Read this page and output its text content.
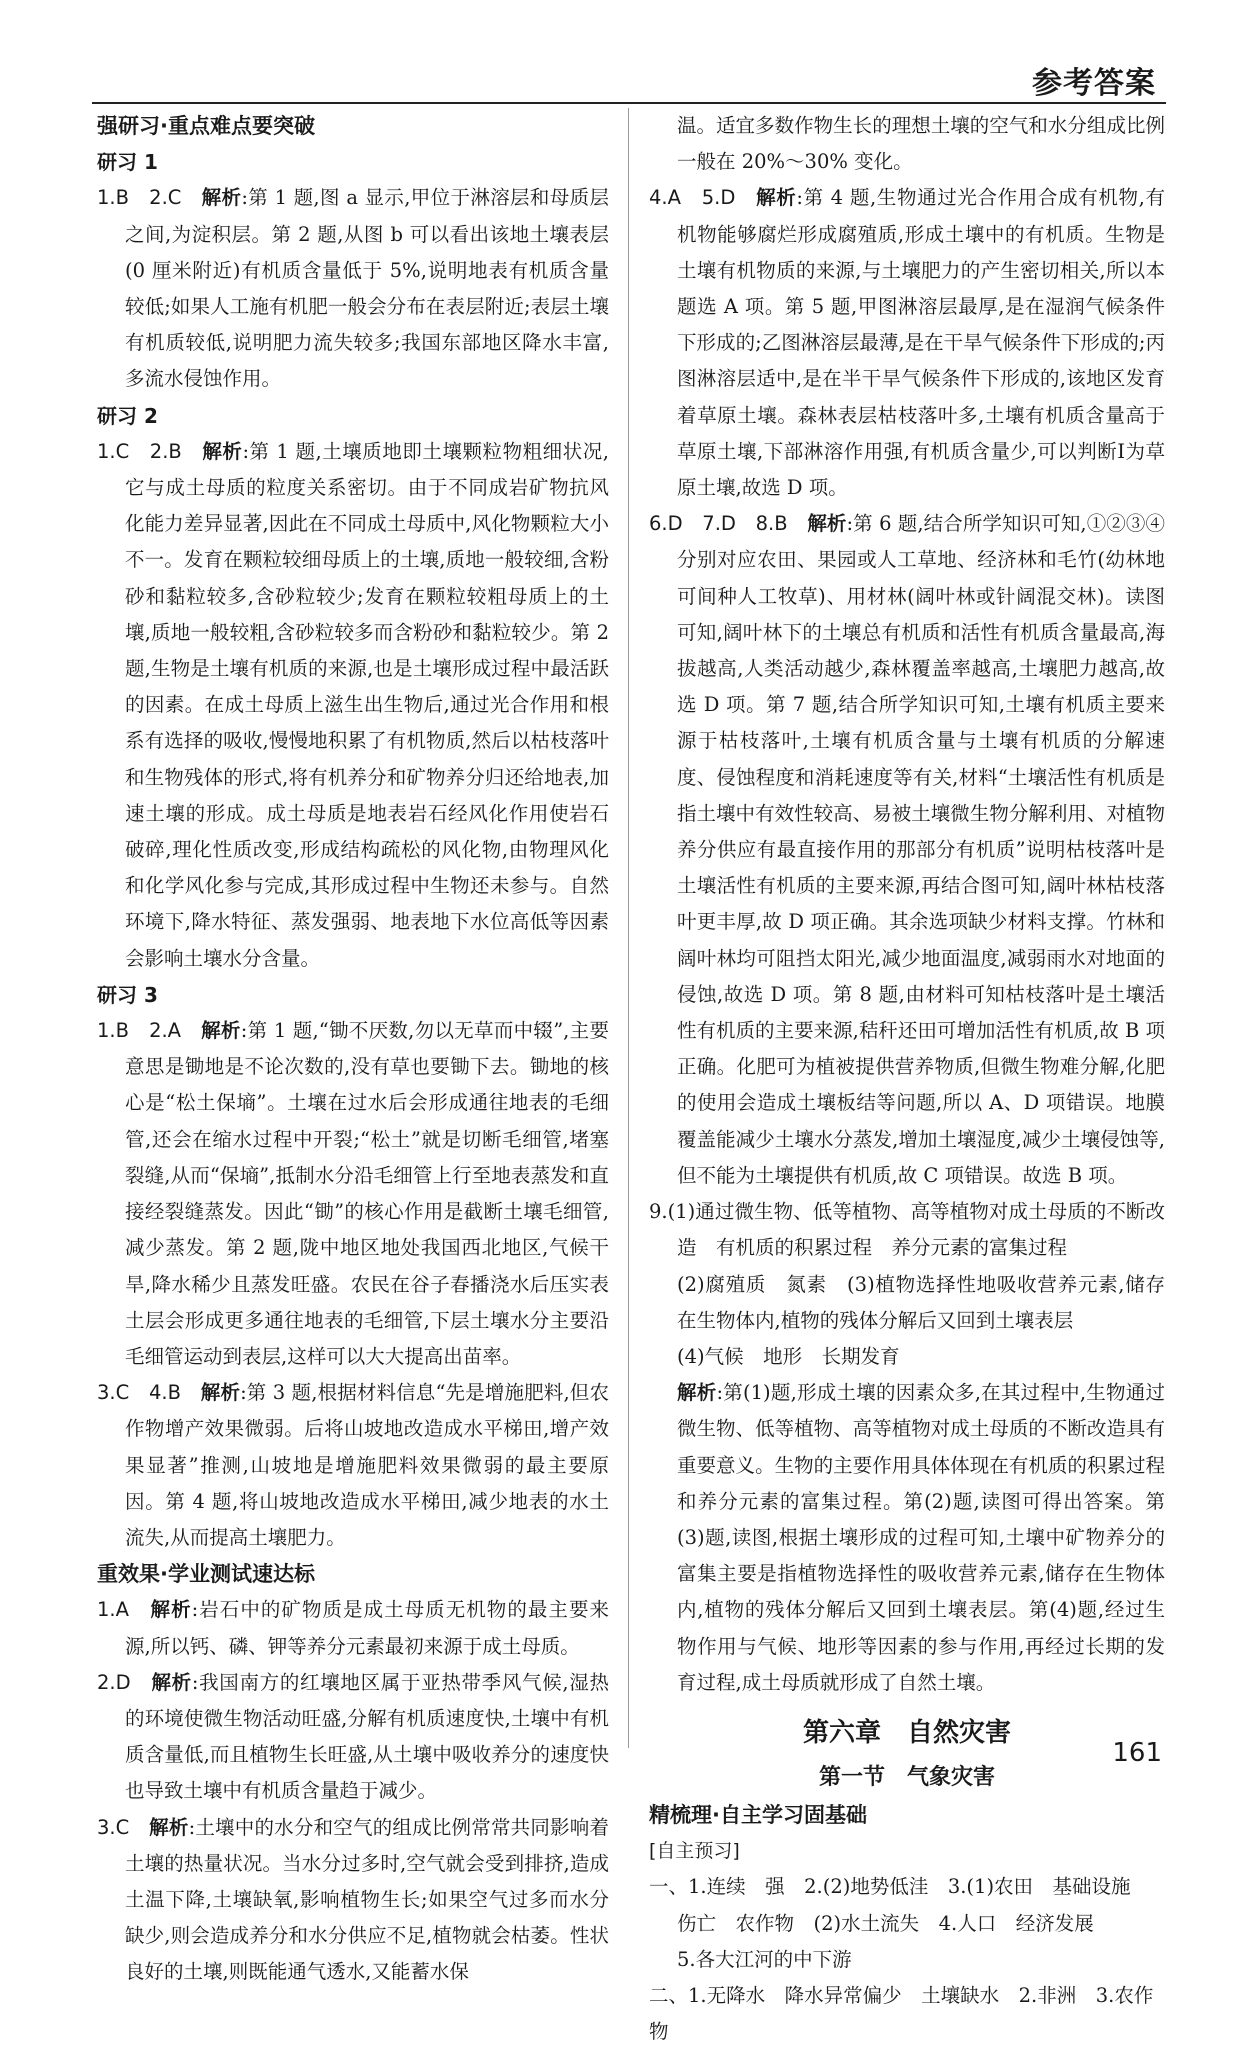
参考答案
强研习·重点难点要突破
研习 1
1.B　2.C　 解析:第 1 题,图 a 显示,甲位于淋溶层和母质层之间,为淀积层。第 2 题,从图 b 可以看出该地土壤表层(0 厘米附近)有机质含量低于 5%,说明地表有机质含量较低;如果人工施有机肥一般会分布在表层附近;表层土壤有机质较低,说明肥力流失较多;我国东部地区降水丰富,多流水侵蚀作用。
研习 2
1.C　2.B　 解析:第 1 题,土壤质地即土壤颗粒物粗细状况,它与成土母质的粒度关系密切。由于不同成岩矿物抗风化能力差异显著,因此在不同成土母质中,风化物颗粒大小不一。发育在颗粒较细母质上的土壤,质地一般较细,含粉砂和黏粒较多,含砂粒较少;发育在颗粒较粗母质上的土壤,质地一般较粗,含砂粒较多而含粉砂和黏粒较少。第 2 题,生物是土壤有机质的来源,也是土壤形成过程中最活跃的因素。在成土母质上滋生出生物后,通过光合作用和根系有选择的吸收,慢慢地积累了有机物质,然后以枯枝落叶和生物残体的形式,将有机养分和矿物养分归还给地表,加速土壤的形成。成土母质是地表岩石经风化作用使岩石破碎,理化性质改变,形成结构疏松的风化物,由物理风化和化学风化参与完成,其形成过程中生物还未参与。自然环境下,降水特征、蒸发强弱、地表地下水位高低等因素会影响土壤水分含量。
研习 3
1.B　2.A　 解析:第 1 题,“锄不厌数,勿以无草而中辍”,主要意思是锄地是不论次数的,没有草也要锄下去。锄地的核心是“松土保墒”。土壤在过水后会形成通往地表的毛细管,还会在缩水过程中开裂;“松土”就是切断毛细管,堵塞裂缝,从而“保墒”,抵制水分沿毛细管上行至地表蒸发和直接经裂缝蒸发。因此“锄”的核心作用是截断土壤毛细管,减少蒸发。第 2 题,陇中地区地处我国西北地区,气候干旱,降水稀少且蒸发旺盛。农民在谷子春播浇水后压实表土层会形成更多通往地表的毛细管,下层土壤水分主要沿毛细管运动到表层,这样可以大大提高出苗率。
3.C　4.B　 解析:第 3 题,根据材料信息“先是增施肥料,但农作物增产效果微弱。后将山坡地改造成水平梯田,增产效果显著”推测,山坡地是增施肥料效果微弱的最主要原因。第 4 题,将山坡地改造成水平梯田,减少地表的水土流失,从而提高土壤肥力。
重效果·学业测试速达标
1.A　 解析:岩石中的矿物质是成土母质无机物的最主要来源,所以钙、磷、钾等养分元素最初来源于成土母质。
2.D　 解析:我国南方的红壤地区属于亚热带季风气候,湿热的环境使微生物活动旺盛,分解有机质速度快,土壤中有机质含量低,而且植物生长旺盛,从土壤中吸收养分的速度快也导致土壤中有机质含量趋于减少。
3.C　 解析:土壤中的水分和空气的组成比例常常共同影响着土壤的热量状况。当水分过多时,空气就会受到排挤,造成土温下降,土壤缺氧,影响植物生长;如果空气过多而水分缺少,则会造成养分和水分供应不足,植物就会枯萎。性状良好的土壤,则既能通气透水,又能蓄水保
温。适宜多数作物生长的理想土壤的空气和水分组成比例一般在 20%～30% 变化。
4.A　5.D　 解析:第 4 题,生物通过光合作用合成有机物,有机物能够腐烂形成腐殖质,形成土壤中的有机质。生物是土壤有机物质的来源,与土壤肥力的产生密切相关,所以本题选 A 项。第 5 题,甲图淋溶层最厚,是在湿润气候条件下形成的;乙图淋溶层最薄,是在干旱气候条件下形成的;丙图淋溶层适中,是在半干旱气候条件下形成的,该地区发育着草原土壤。森林表层枯枝落叶多,土壤有机质含量高于草原土壤,下部淋溶作用强,有机质含量少,可以判断Ⅰ为草原土壤,故选 D 项。
6.D　7.D　8.B　 解析:第 6 题,结合所学知识可知,①②③④分别对应农田、果园或人工草地、经济林和毛竹(幼林地可间种人工牧草)、用材林(阔叶林或针阔混交林)。读图可知,阔叶林下的土壤总有机质和活性有机质含量最高,海拔越高,人类活动越少,森林覆盖率越高,土壤肥力越高,故选 D 项。第 7 题,结合所学知识可知,土壤有机质主要来源于枯枝落叶,土壤有机质含量与土壤有机质的分解速度、侵蚀程度和消耗速度等有关,材料“土壤活性有机质是指土壤中有效性较高、易被土壤微生物分解利用、对植物养分供应有最直接作用的那部分有机质”说明枯枝落叶是土壤活性有机质的主要来源,再结合图可知,阔叶林枯枝落叶更丰厚,故 D 项正确。其余选项缺少材料支撑。竹林和阔叶林均可阻挡太阳光,减少地面温度,减弱雨水对地面的侵蚀,故选 D 项。第 8 题,由材料可知枯枝落叶是土壤活性有机质的主要来源,秸秆还田可增加活性有机质,故 B 项正确。化肥可为植被提供营养物质,但微生物难分解,化肥的使用会造成土壤板结等问题,所以 A、D 项错误。地膜覆盖能减少土壤水分蒸发,增加土壤湿度,减少土壤侵蚀等,但不能为土壤提供有机质,故 C 项错误。故选 B 项。
9.(1)通过微生物、低等植物、高等植物对成土母质的不断改造　有机质的积累过程　养分元素的富集过程
(2)腐殖质　氮素　(3)植物选择性地吸收营养元素,储存在生物体内,植物的残体分解后又回到土壤表层
(4)气候　地形　长期发育
解析:第(1)题,形成土壤的因素众多,在其过程中,生物通过微生物、低等植物、高等植物对成土母质的不断改造具有重要意义。生物的主要作用具体体现在有机质的积累过程和养分元素的富集过程。第(2)题,读图可得出答案。第(3)题,读图,根据土壤形成的过程可知,土壤中矿物养分的富集主要是指植物选择性的吸收营养元素,储存在生物体内,植物的残体分解后又回到土壤表层。第(4)题,经过生物作用与气候、地形等因素的参与作用,再经过长期的发育过程,成土母质就形成了自然土壤。
第六章　自然灾害
第一节　气象灾害
精梳理·自主学习固基础
[自主预习]
一、1.连续　强　2.(2)地势低洼　3.(1)农田　基础设施
伤亡　农作物　(2)水土流失　4.人口　经济发展
5.各大江河的中下游
二、1.无降水　降水异常偏少　土壤缺水　2.非洲　3.农作物
161
